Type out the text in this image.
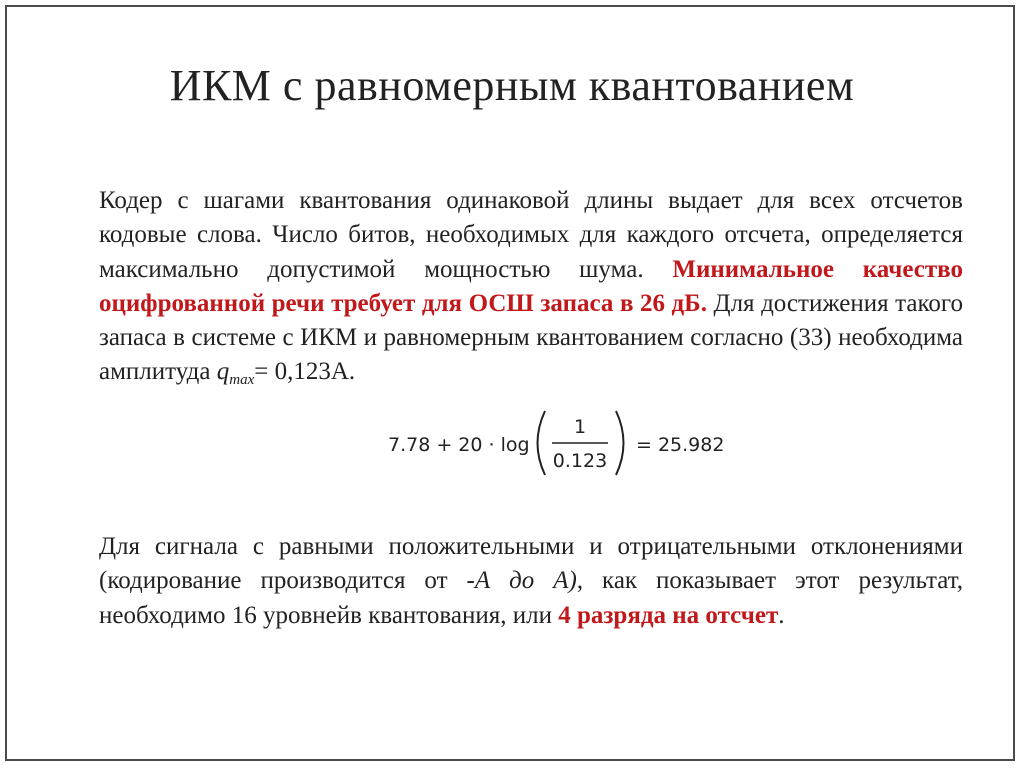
ИКМ с равномерным квантованием

Кодер с шагами квантования одинаковой длины выдает для всех отсчетов кодовые слова. Число битов, необходимых для каждого отсчета, определяется максимально допустимой мощностью шума. Минимальное качество оцифрованной речи требует для ОСШ запаса в 26 дБ. Для достижения такого запаса в системе с ИКМ и равномерным квантованием согласно (33) необходима амплитуда $q_{max}= 0,123А$.

7.78 + 20 · log
1
0.123
= 25.982

Для сигнала с равными положительными и отрицательными отклонениями (кодирование производится от -А до А), как показывает этот результат, необходимо 16 уровнейв квантования, или 4 разряда на отсчет.
